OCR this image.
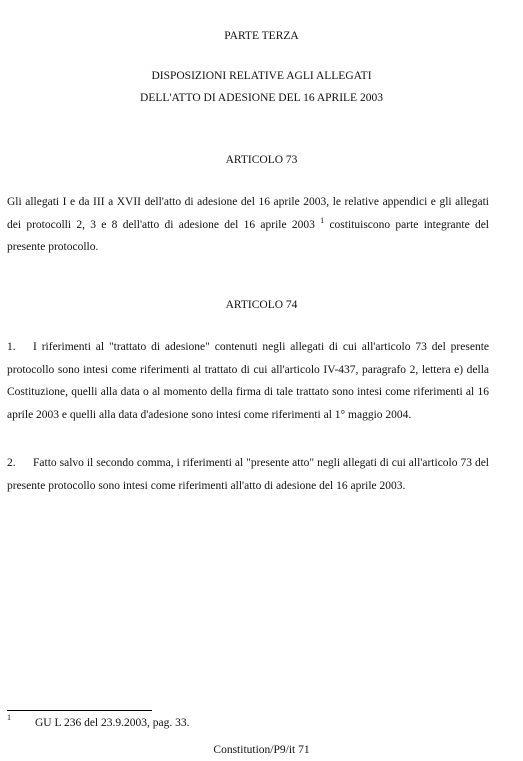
PARTE TERZA
DISPOSIZIONI RELATIVE AGLI ALLEGATI
DELL'ATTO DI ADESIONE DEL 16 APRILE 2003
ARTICOLO 73
Gli allegati I e da III a XVII dell'atto di adesione del 16 aprile 2003, le relative appendici e gli allegati dei protocolli 2, 3 e 8 dell'atto di adesione del 16 aprile 2003 $^1$ costituiscono parte integrante del presente protocollo.
ARTICOLO 74
1. I riferimenti al "trattato di adesione" contenuti negli allegati di cui all'articolo 73 del presente protocollo sono intesi come riferimenti al trattato di cui all'articolo IV-437, paragrafo 2, lettera e) della Costituzione, quelli alla data o al momento della firma di tale trattato sono intesi come riferimenti al 16 aprile 2003 e quelli alla data d'adesione sono intesi come riferimenti al 1° maggio 2004.
2. Fatto salvo il secondo comma, i riferimenti al "presente atto" negli allegati di cui all'articolo 73 del presente protocollo sono intesi come riferimenti all'atto di adesione del 16 aprile 2003.
1 GU L 236 del 23.9.2003, pag. 33.
Constitution/P9/it 71
